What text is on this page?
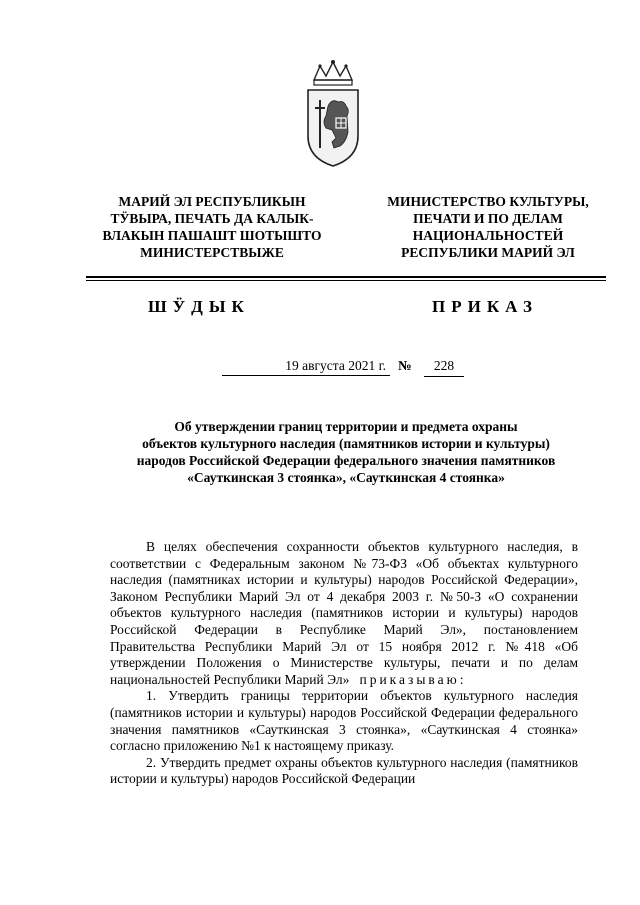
МАРИЙ ЭЛ РЕСПУБЛИКЫН
ТӰВЫРА, ПЕЧАТЬ ДА КАЛЫК-
ВЛАКЫН ПАШАШТ ШОТЫШТО
МИНИСТЕРСТВЫЖЕ
МИНИСТЕРСТВО КУЛЬТУРЫ,
ПЕЧАТИ И ПО ДЕЛАМ
НАЦИОНАЛЬНОСТЕЙ
РЕСПУБЛИКИ МАРИЙ ЭЛ
ШӰДЫК	ПРИКАЗ
19 августа 2021 г. №	228
Об утверждении границ территории и предмета охраны
объектов культурного наследия (памятников истории и культуры)
народов Российской Федерации федерального значения памятников
«Сауткинская 3 стоянка», «Сауткинская 4 стоянка»

В целях обеспечения сохранности объектов культурного наследия, в соответствии с Федеральным законом №73-ФЗ «Об объектах культурного наследия (памятниках истории и культуры) народов Российской Федерации», Законом Республики Марий Эл от 4 декабря 2003 г. №50-З «О сохранении объектов культурного наследия (памятников истории и культуры) народов Российской Федерации в Республике Марий Эл», постановлением Правительства Республики Марий Эл от 15 ноября 2012 г. №418 «Об утверждении Положения о Министерстве культуры, печати и по делам национальностей Республики Марий Эл» приказываю:

1. Утвердить границы территории объектов культурного наследия (памятников истории и культуры) народов Российской Федерации федерального значения памятников «Сауткинская 3 стоянка», «Сауткинская 4 стоянка» согласно приложению №1 к настоящему приказу.

2. Утвердить предмет охраны объектов культурного наследия (памятников истории и культуры) народов Российской Федерации
